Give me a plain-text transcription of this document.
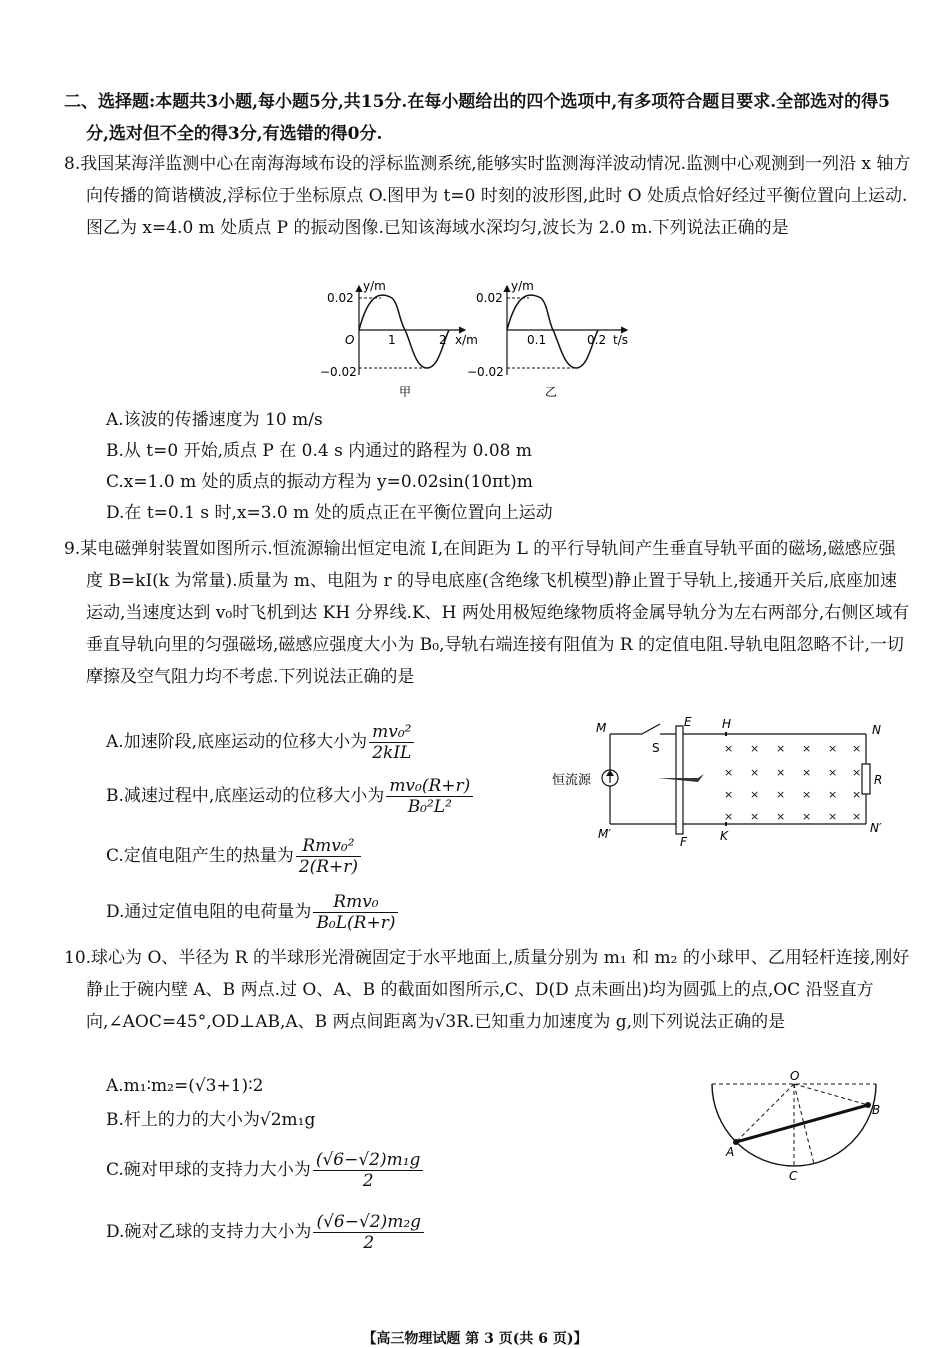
二、选择题:本题共3小题,每小题5分,共15分.在每小题给出的四个选项中,有多项符合题目要求.全部选对的得5分,选对但不全的得3分,有选错的得0分.
8.我国某海洋监测中心在南海海域布设的浮标监测系统,能够实时监测海洋波动情况.监测中心观测到一列沿 x 轴方向传播的简谐横波,浮标位于坐标原点 O.图甲为 t=0 时刻的波形图,此时 O 处质点恰好经过平衡位置向上运动.图乙为 x=4.0 m 处质点 P 的振动图像.已知该海域水深均匀,波长为 2.0 m.下列说法正确的是
0.02
−0.02
y/m
O	1	2 x/m
甲
0.02
−0.02
y/m
0.1	0.2 t/s
乙
A.该波的传播速度为 10 m/s
B.从 t=0 开始,质点 P 在 0.4 s 内通过的路程为 0.08 m
C.x=1.0 m 处的质点的振动方程为 y=0.02sin(10πt)m
D.在 t=0.1 s 时,x=3.0 m 处的质点正在平衡位置向上运动
9.某电磁弹射装置如图所示.恒流源输出恒定电流 I,在间距为 L 的平行导轨间产生垂直导轨平面的磁场,磁感应强度 B=kI(k 为常量).质量为 m、电阻为 r 的导电底座(含绝缘飞机模型)静止置于导轨上,接通开关后,底座加速运动,当速度达到 v₀时飞机到达 KH 分界线.K、H 两处用极短绝缘物质将金属导轨分为左右两部分,右侧区域有垂直导轨向里的匀强磁场,磁感应强度大小为 B₀,导轨右端连接有阻值为 R 的定值电阻.导轨电阻忽略不计,一切摩擦及空气阻力均不考虑.下列说法正确的是
A.加速阶段,底座运动的位移大小为 $\frac{\text{mv₀²}}{\text{2kIL}}$
B.减速过程中,底座运动的位移大小为 $\frac{\text{mv₀(R+r)}}{\text{B₀²L²}}$
C.定值电阻产生的热量为 $\frac{\text{Rmv₀²}}{2(R+r)}$
D.通过定值电阻的电荷量为 $\frac{\text{Rmv₀}}{\text{B₀L(R+r)}}$
× × × × × ×
× × × × × ×
× × × × × ×
× × × × × ×
M
M′
N
N′
E
F
H
K
S
R
恒流源
10.球心为 O、半径为 R 的半球形光滑碗固定于水平地面上,质量分别为 m₁ 和 m₂ 的小球甲、乙用轻杆连接,刚好静止于碗内壁 A、B 两点.过 O、A、B 的截面如图所示,C、D(D 点未画出)均为圆弧上的点,OC 沿竖直方向,∠AOC=45°,OD⊥AB,A、B 两点间距离为√3R.已知重力加速度为 g,则下列说法正确的是
A.m₁∶m₂=(√3+1)∶2
B.杆上的力的大小为√2m₁g
C.碗对甲球的支持力大小为 $\frac{\text{(√6−√2)m₁g}}{2}$
D.碗对乙球的支持力大小为 $\frac{\text{(√6−√2)m₂g}}{2}$
O
A
B
C
【高三物理试题 第 3 页(共 6 页)】
